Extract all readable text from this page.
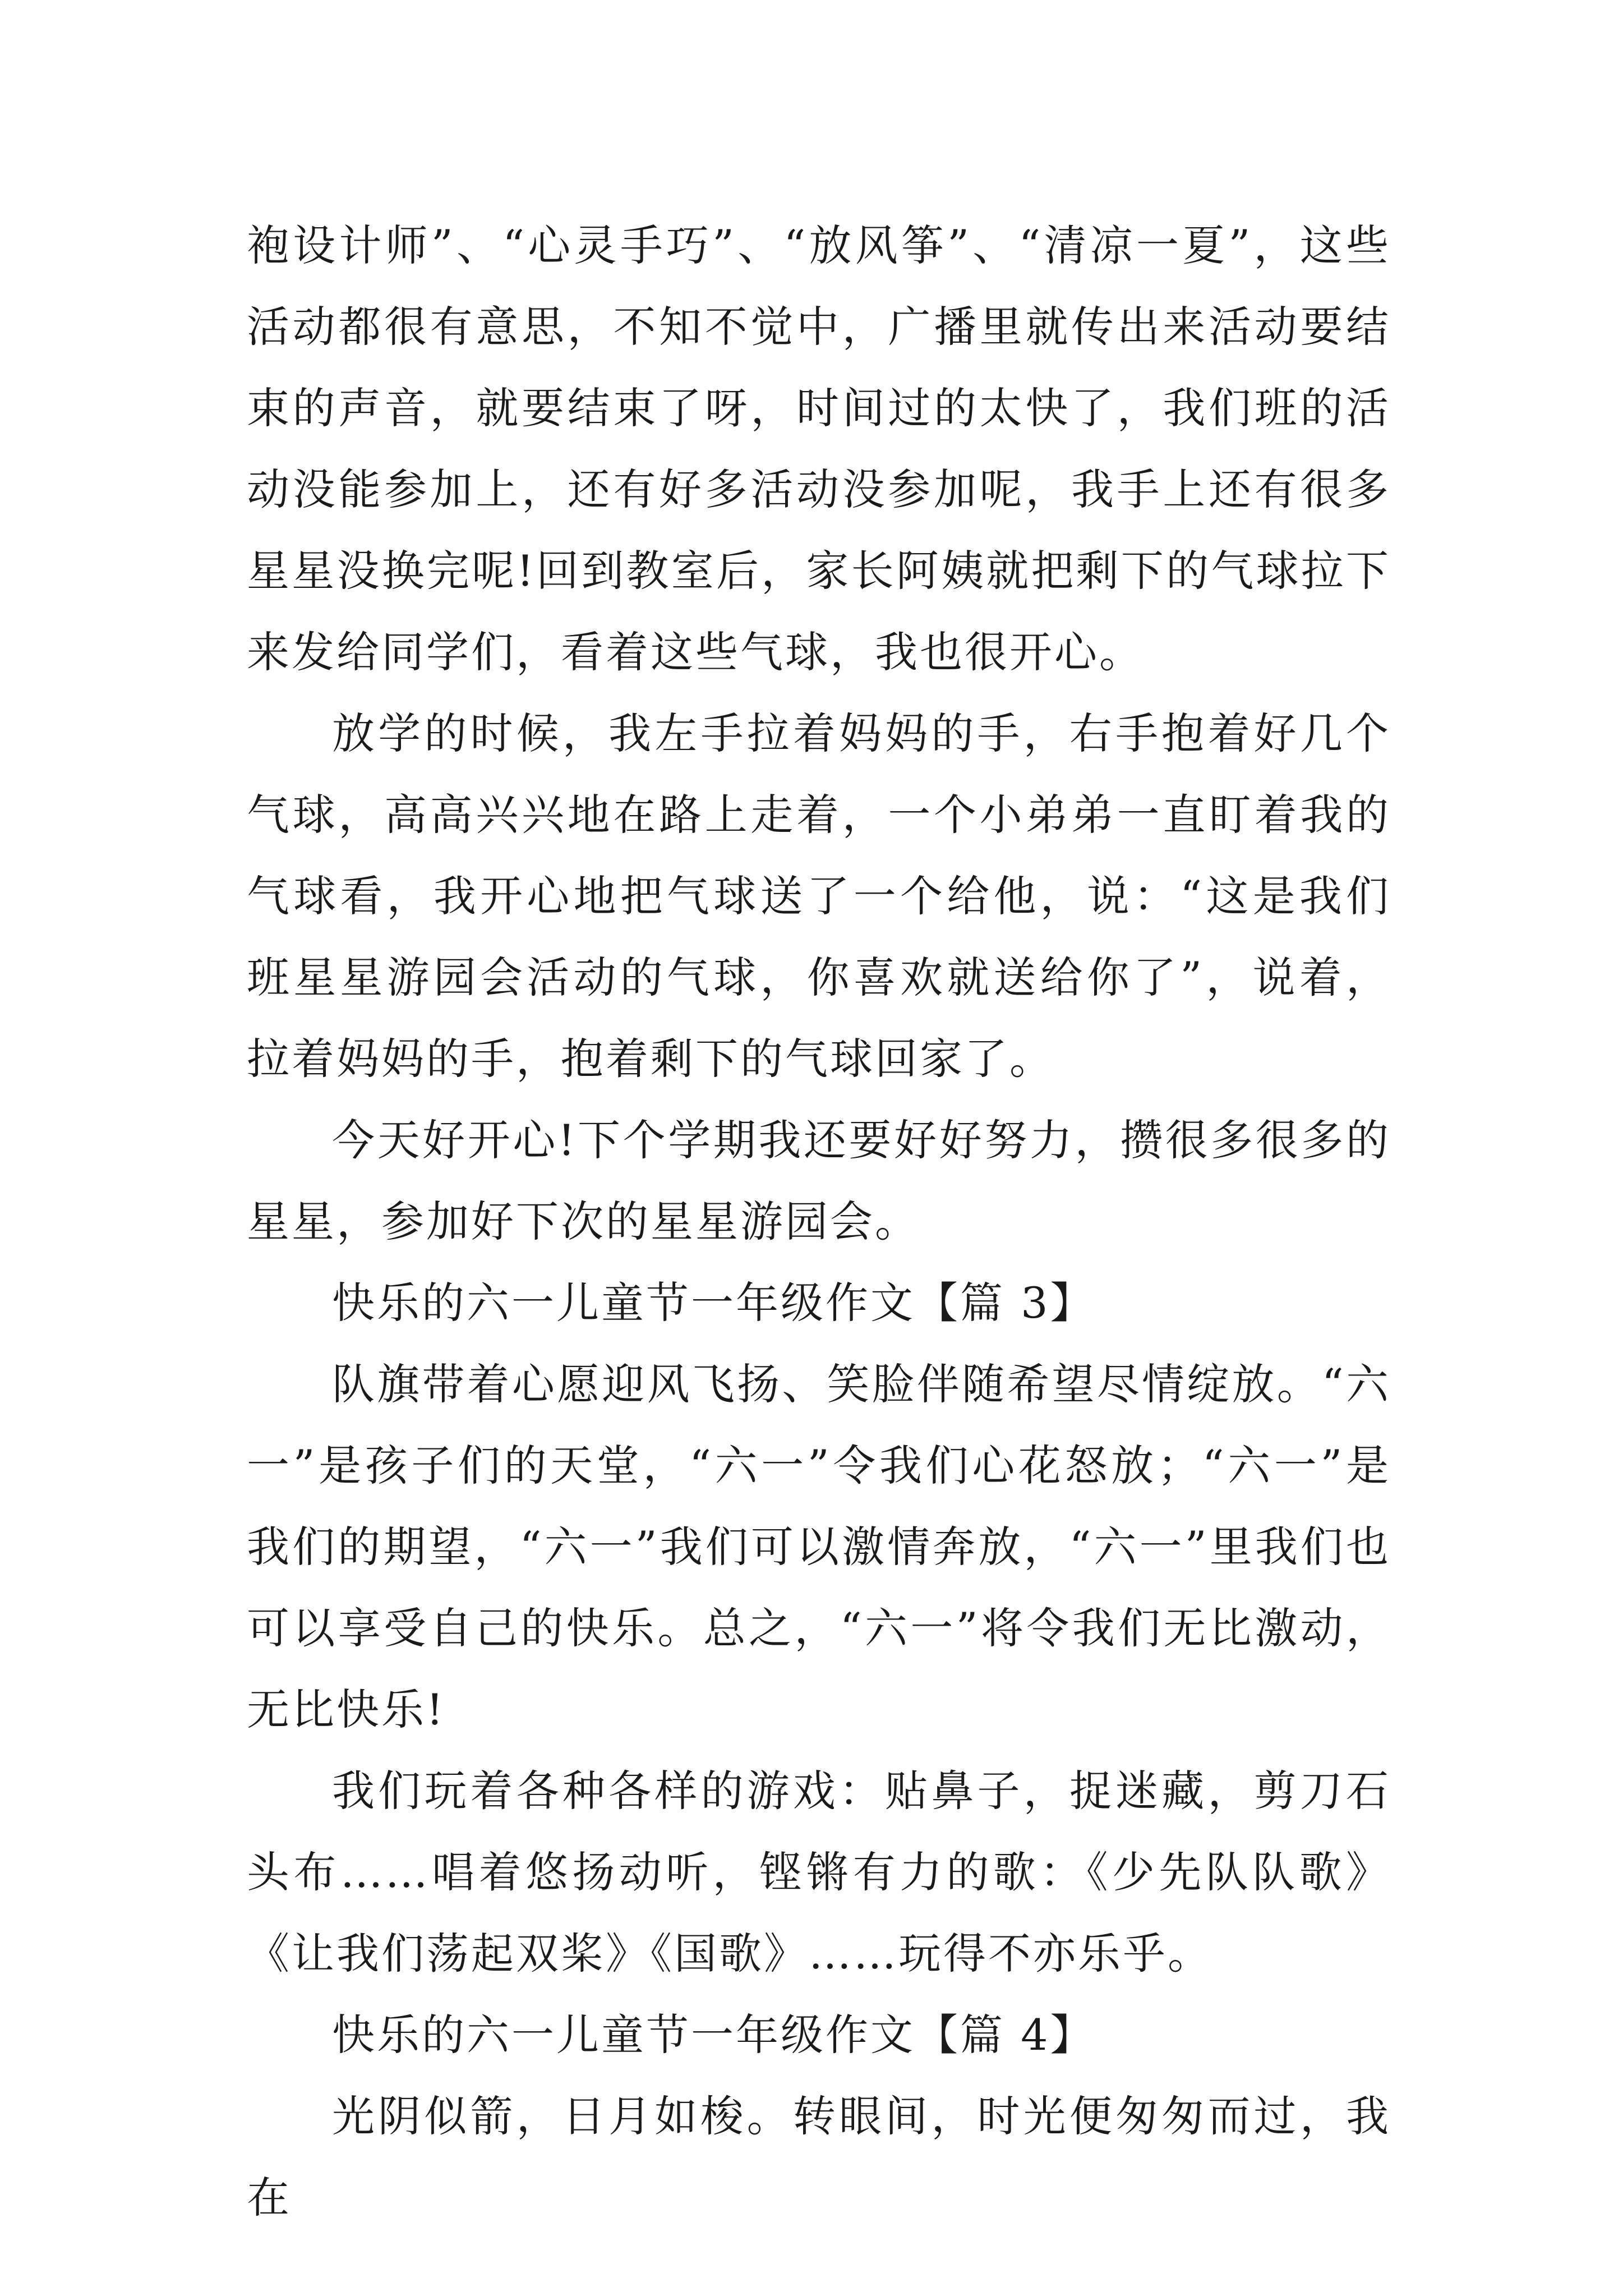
袍设计师”、“心灵手巧”、“放风筝”、“清凉一夏”，这些活动都很有意思，不知不觉中，广播里就传出来活动要结束的声音，就要结束了呀，时间过的太快了，我们班的活动没能参加上，还有好多活动没参加呢，我手上还有很多星星没换完呢!回到教室后，家长阿姨就把剩下的气球拉下来发给同学们，看着这些气球，我也很开心。

放学的时候，我左手拉着妈妈的手，右手抱着好几个气球，高高兴兴地在路上走着，一个小弟弟一直盯着我的气球看，我开心地把气球送了一个给他，说：“这是我们班星星游园会活动的气球，你喜欢就送给你了”，说着，拉着妈妈的手，抱着剩下的气球回家了。

今天好开心!下个学期我还要好好努力，攒很多很多的星星，参加好下次的星星游园会。

快乐的六一儿童节一年级作文【篇 3】

队旗带着心愿迎风飞扬、笑脸伴随希望尽情绽放。“六一”是孩子们的天堂，“六一”令我们心花怒放；“六一”是我们的期望，“六一”我们可以激情奔放，“六一”里我们也可以享受自己的快乐。总之，“六一”将令我们无比激动，无比快乐!

我们玩着各种各样的游戏：贴鼻子，捉迷藏，剪刀石头布……唱着悠扬动听，铿锵有力的歌：《少先队队歌》《让我们荡起双桨》《国歌》……玩得不亦乐乎。

快乐的六一儿童节一年级作文【篇 4】

光阴似箭，日月如梭。转眼间，时光便匆匆而过，我在
